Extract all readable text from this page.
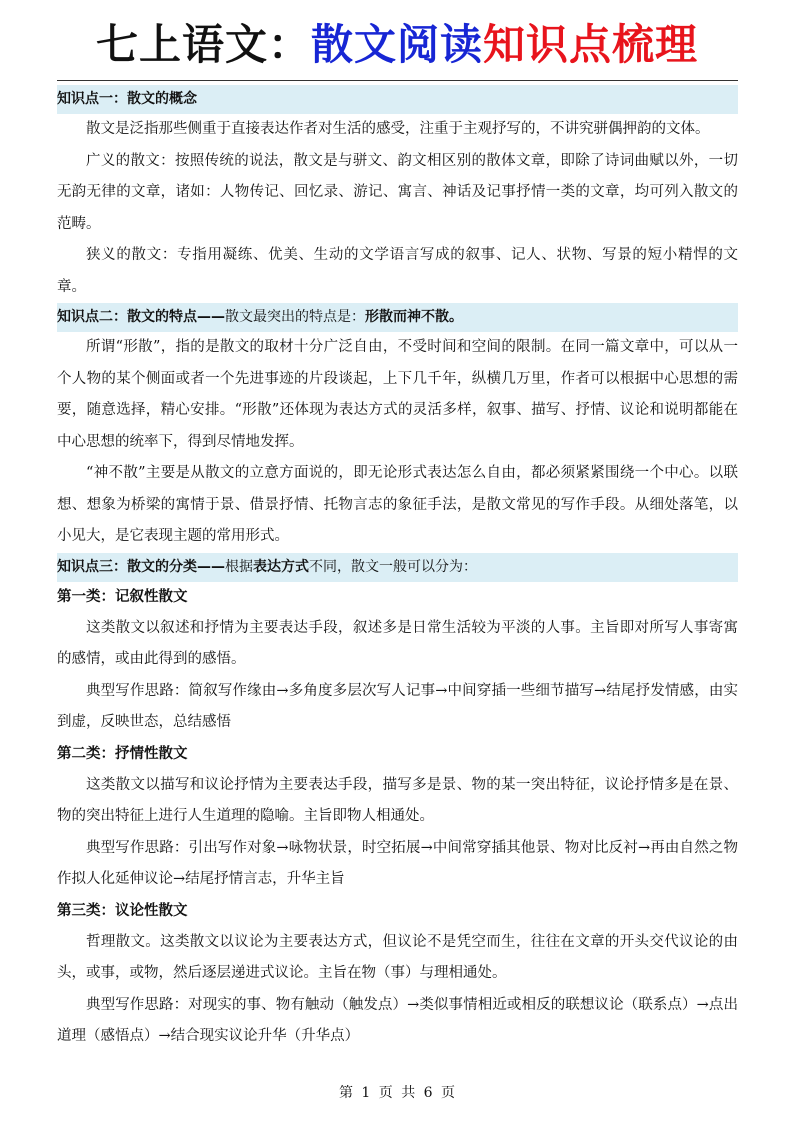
七上语文：散文阅读知识点梳理
知识点一：散文的概念

散文是泛指那些侧重于直接表达作者对生活的感受，注重于主观抒写的，不讲究骈偶押韵的文体。

广义的散文：按照传统的说法，散文是与骈文、韵文相区别的散体文章，即除了诗词曲赋以外，一切无韵无律的文章，诸如：人物传记、回忆录、游记、寓言、神话及记事抒情一类的文章，均可列入散文的范畴。

狭义的散文：专指用凝练、优美、生动的文学语言写成的叙事、记人、状物、写景的短小精悍的文章。

知识点二：散文的特点——散文最突出的特点是：形散而神不散。

所谓“形散”，指的是散文的取材十分广泛自由，不受时间和空间的限制。在同一篇文章中，可以从一个人物的某个侧面或者一个先进事迹的片段谈起，上下几千年，纵横几万里，作者可以根据中心思想的需要，随意选择，精心安排。“形散”还体现为表达方式的灵活多样，叙事、描写、抒情、议论和说明都能在中心思想的统率下，得到尽情地发挥。

“神不散”主要是从散文的立意方面说的，即无论形式表达怎么自由，都必须紧紧围绕一个中心。以联想、想象为桥梁的寓情于景、借景抒情、托物言志的象征手法，是散文常见的写作手段。从细处落笔，以小见大，是它表现主题的常用形式。

知识点三：散文的分类——根据表达方式不同，散文一般可以分为：

第一类：记叙性散文

这类散文以叙述和抒情为主要表达手段，叙述多是日常生活较为平淡的人事。主旨即对所写人事寄寓的感情，或由此得到的感悟。

典型写作思路：简叙写作缘由→多角度多层次写人记事→中间穿插一些细节描写→结尾抒发情感，由实到虚，反映世态，总结感悟

第二类：抒情性散文

这类散文以描写和议论抒情为主要表达手段，描写多是景、物的某一突出特征，议论抒情多是在景、物的突出特征上进行人生道理的隐喻。主旨即物人相通处。

典型写作思路：引出写作对象→咏物状景，时空拓展→中间常穿插其他景、物对比反衬→再由自然之物作拟人化延伸议论→结尾抒情言志，升华主旨

第三类：议论性散文

哲理散文。这类散文以议论为主要表达方式，但议论不是凭空而生，往往在文章的开头交代议论的由头，或事，或物，然后逐层递进式议论。主旨在物（事）与理相通处。

典型写作思路：对现实的事、物有触动（触发点）→类似事情相近或相反的联想议论（联系点）→点出道理（感悟点）→结合现实议论升华（升华点）

第 1 页 共 6 页
